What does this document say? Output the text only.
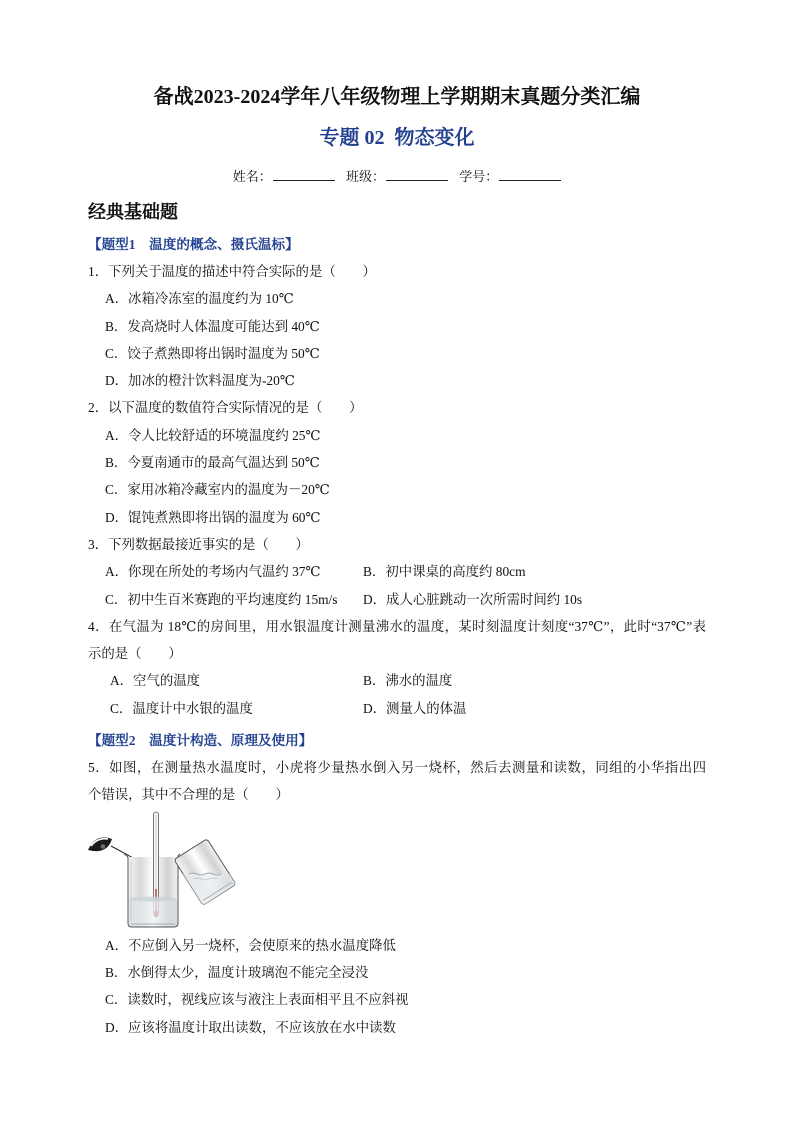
备战2023-2024学年八年级物理上学期期末真题分类汇编
专题 02  物态变化
姓名：	班级：	学号：
经典基础题
【题型1　温度的概念、摄氏温标】
1．下列关于温度的描述中符合实际的是（　　）
A．冰箱冷冻室的温度约为 10℃
B．发高烧时人体温度可能达到 40℃
C．饺子煮熟即将出锅时温度为 50℃
D．加冰的橙汁饮料温度为-20℃
2．以下温度的数值符合实际情况的是（　　）
A．令人比较舒适的环境温度约 25℃
B．今夏南通市的最高气温达到 50℃
C．家用冰箱冷藏室内的温度为－20℃
D．馄饨煮熟即将出锅的温度为 60℃
3．下列数据最接近事实的是（　　）
A．你现在所处的考场内气温约 37℃	B．初中课桌的高度约 80cm
C．初中生百米赛跑的平均速度约 15m/s	D．成人心脏跳动一次所需时间约 10s
4．在气温为 18℃的房间里，用水银温度计测量沸水的温度，某时刻温度计刻度“37℃”，此时“37℃”表
示的是（　　）
A．空气的温度	B．沸水的温度
C．温度计中水银的温度	D．测量人的体温
【题型2　温度计构造、原理及使用】
5．如图，在测量热水温度时，小虎将少量热水倒入另一烧杯，然后去测量和读数，同组的小华指出四
个错误，其中不合理的是（　　）
A．不应倒入另一烧杯，会使原来的热水温度降低
B．水倒得太少，温度计玻璃泡不能完全浸没
C．读数时，视线应该与液注上表面相平且不应斜视
D．应该将温度计取出读数，不应该放在水中读数
